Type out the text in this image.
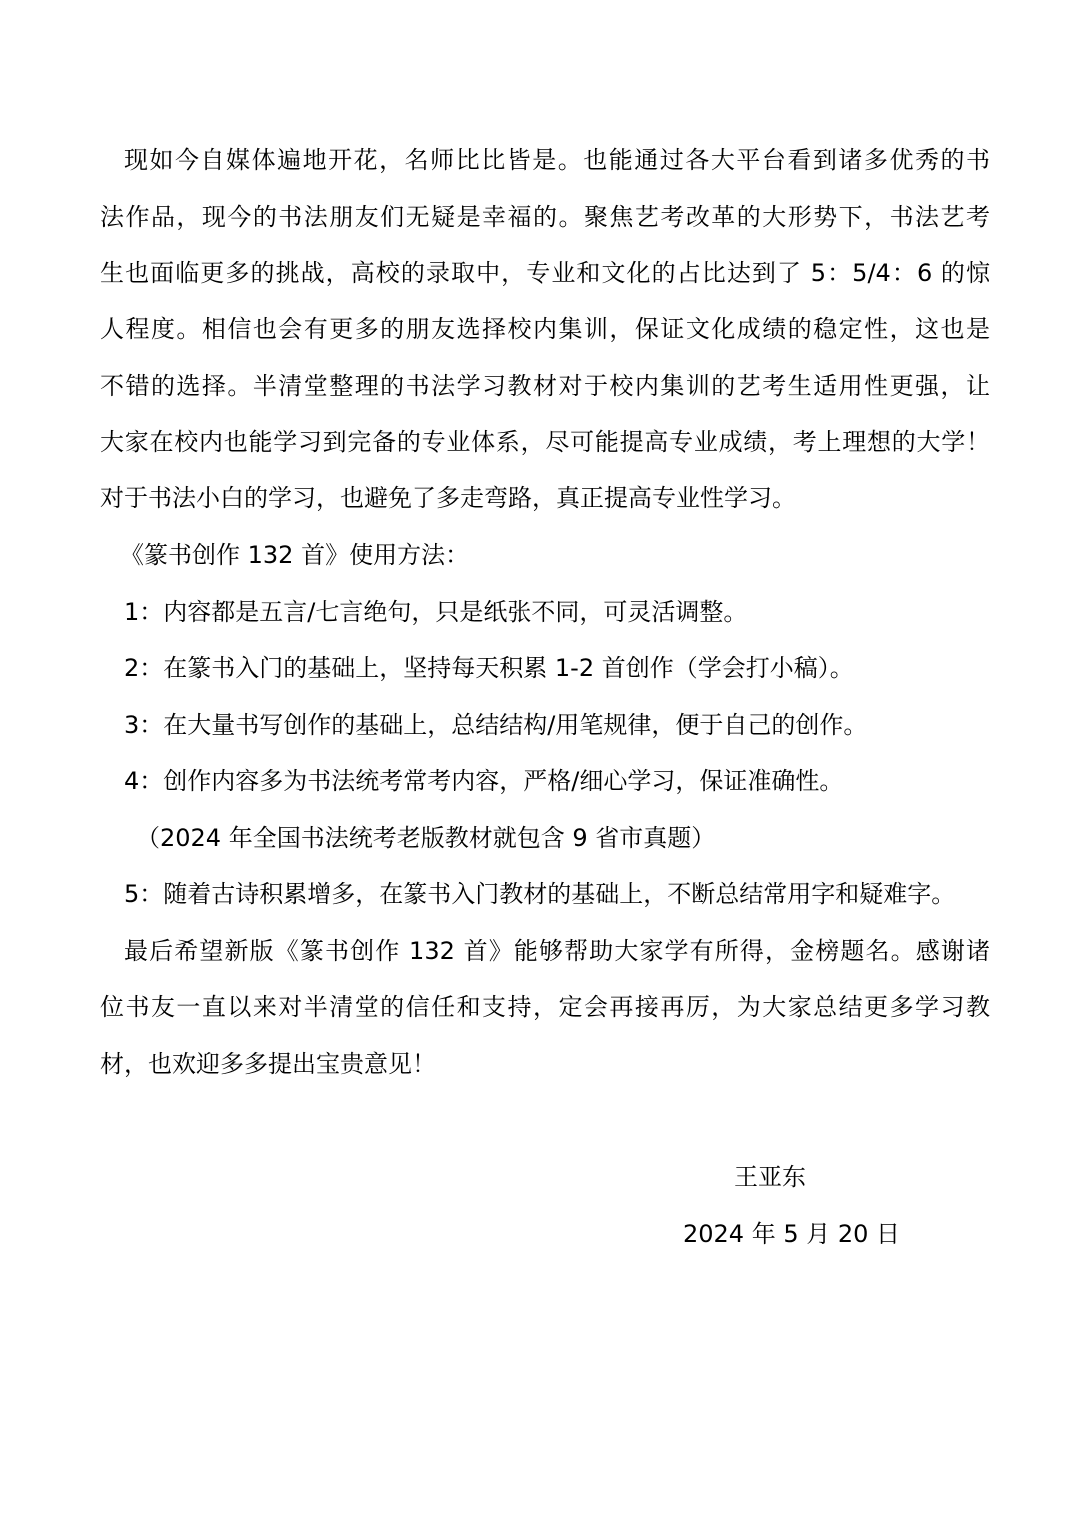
现如今自媒体遍地开花，名师比比皆是。也能通过各大平台看到诸多优秀的书
法作品，现今的书法朋友们无疑是幸福的。聚焦艺考改革的大形势下，书法艺考
生也面临更多的挑战，高校的录取中，专业和文化的占比达到了 5：5/4：6 的惊
人程度。相信也会有更多的朋友选择校内集训，保证文化成绩的稳定性，这也是
不错的选择。半清堂整理的书法学习教材对于校内集训的艺考生适用性更强，让
大家在校内也能学习到完备的专业体系，尽可能提高专业成绩，考上理想的大学！
对于书法小白的学习，也避免了多走弯路，真正提高专业性学习。
《篆书创作 132 首》使用方法：
1：内容都是五言/七言绝句，只是纸张不同，可灵活调整。
2：在篆书入门的基础上，坚持每天积累 1-2 首创作（学会打小稿）。
3：在大量书写创作的基础上，总结结构/用笔规律，便于自己的创作。
4：创作内容多为书法统考常考内容，严格/细心学习，保证准确性。
（2024 年全国书法统考老版教材就包含 9 省市真题）
5：随着古诗积累增多，在篆书入门教材的基础上，不断总结常用字和疑难字。
最后希望新版《篆书创作 132 首》能够帮助大家学有所得，金榜题名。感谢诸
位书友一直以来对半清堂的信任和支持，定会再接再厉，为大家总结更多学习教
材，也欢迎多多提出宝贵意见！
王亚东
2024 年 5 月 20 日
